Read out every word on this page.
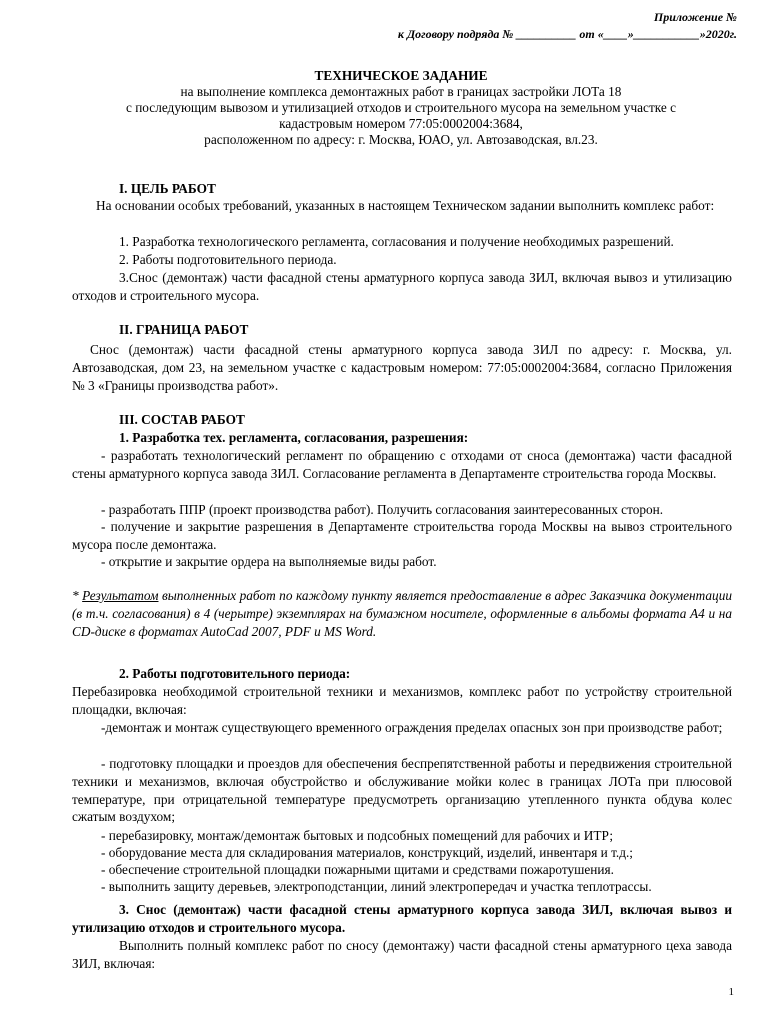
Приложение №
к Договору подряда № __________ от «____»___________»2020г.
ТЕХНИЧЕСКОЕ ЗАДАНИЕ
на выполнение комплекса демонтажных работ в границах застройки ЛОТа 18
с последующим вывозом и утилизацией отходов и строительного мусора на земельном участке с
кадастровым номером 77:05:0002004:3684,
расположенном по адресу: г. Москва, ЮАО, ул. Автозаводская, вл.23.
I. ЦЕЛЬ РАБОТ
На основании особых требований, указанных в настоящем Техническом задании выполнить комплекс работ:
1. Разработка технологического регламента, согласования и получение необходимых разрешений.
2. Работы подготовительного периода.
3.Снос (демонтаж) части фасадной стены арматурного корпуса завода ЗИЛ, включая вывоз и утилизацию отходов и строительного мусора.
II. ГРАНИЦА РАБОТ
Снос (демонтаж) части фасадной стены арматурного корпуса завода ЗИЛ по адресу: г. Москва, ул. Автозаводская, дом 23, на земельном участке с кадастровым номером: 77:05:0002004:3684, согласно Приложения № 3 «Границы производства работ».
III. СОСТАВ РАБОТ
1. Разработка тех. регламента, согласования, разрешения:
- разработать технологический регламент по обращению с отходами от сноса (демонтажа) части фасадной стены арматурного корпуса завода ЗИЛ. Согласование регламента в Департаменте строительства города Москвы.
- разработать ППР (проект производства работ). Получить согласования заинтересованных сторон.
- получение и закрытие разрешения в Департаменте строительства города Москвы на вывоз строительного мусора после демонтажа.
- открытие и закрытие ордера на выполняемые виды работ.
* Результатом выполненных работ по каждому пункту является предоставление в адрес Заказчика документации (в т.ч. согласования) в 4 (черытре) экземплярах на бумажном носителе, оформленные в альбомы формата А4 и на CD-диске в форматах AutoCad 2007, PDF и MS Word.
2. Работы подготовительного периода:
Перебазировка необходимой строительной техники и механизмов, комплекс работ по устройству строительной площадки, включая:
-демонтаж и монтаж существующего временного ограждения пределах опасных зон при производстве работ;
- подготовку площадки и проездов для обеспечения беспрепятственной работы и передвижения строительной техники и механизмов, включая обустройство и обслуживание мойки колес в границах ЛОТа при плюсовой температуре, при отрицательной температуре предусмотреть организацию утепленного пункта обдува колес сжатым воздухом;
- перебазировку, монтаж/демонтаж бытовых и подсобных помещений для рабочих и ИТР;
- оборудование места для складирования материалов, конструкций, изделий, инвентаря и т.д.;
- обеспечение строительной площадки пожарными щитами и средствами пожаротушения.
- выполнить защиту деревьев, электроподстанции, линий электропередач и участка теплотрассы.
3. Снос (демонтаж) части фасадной стены арматурного корпуса завода ЗИЛ, включая вывоз и утилизацию отходов и строительного мусора.
Выполнить полный комплекс работ по сносу (демонтажу) части фасадной стены арматурного цеха завода ЗИЛ, включая:
1
